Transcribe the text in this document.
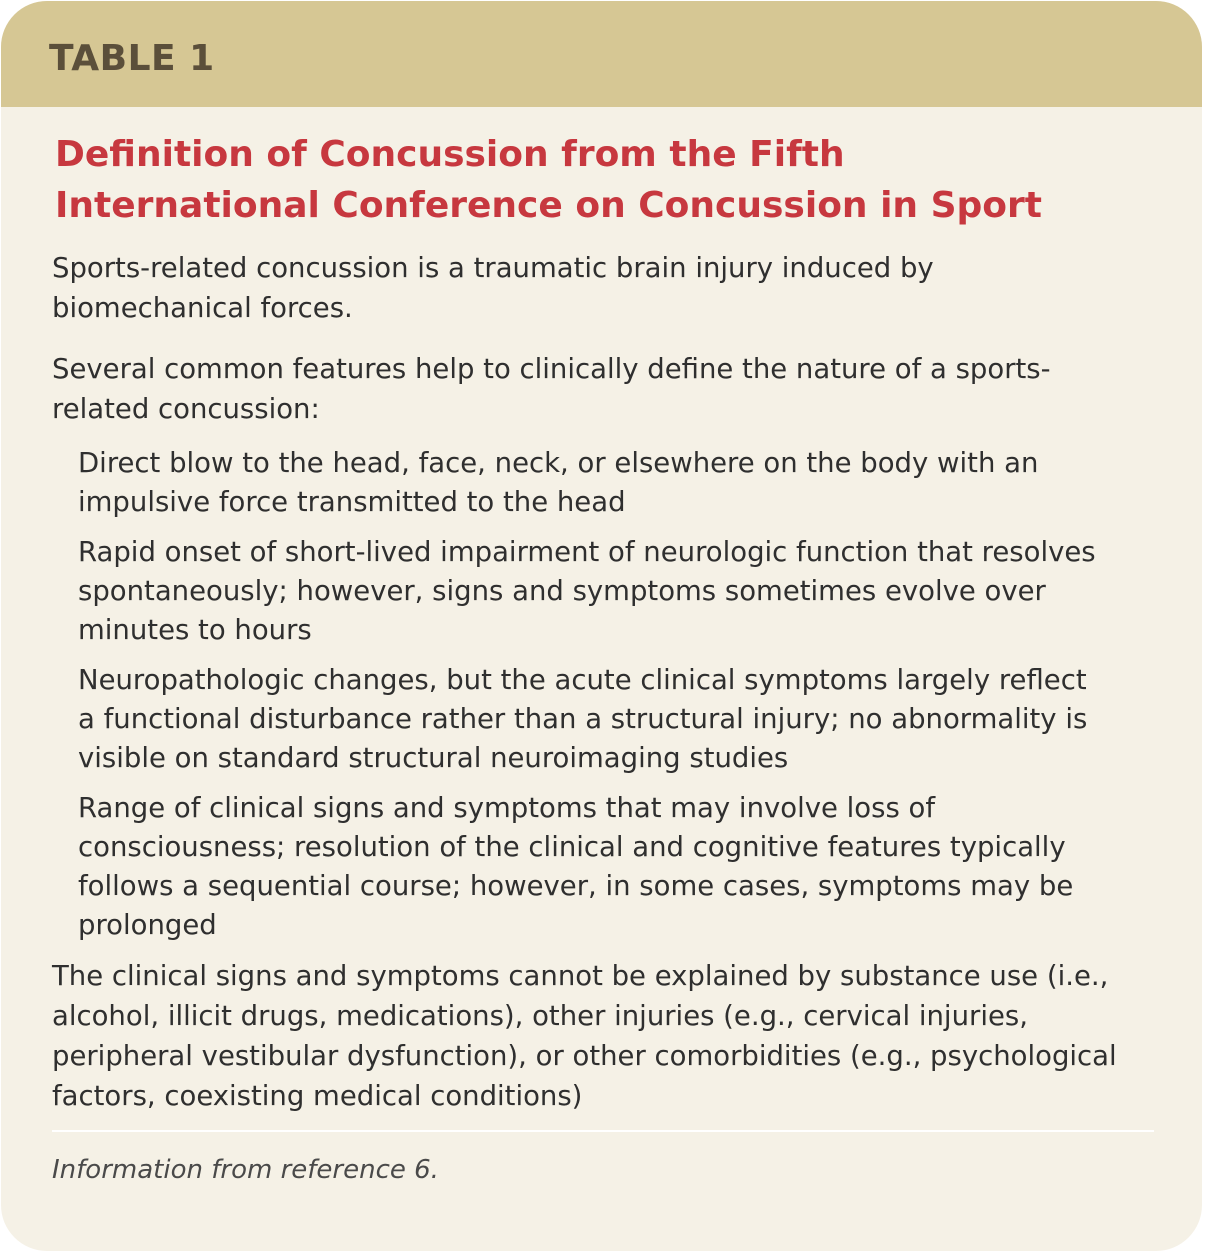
TABLE 1
Definition of Concussion from the Fifth International Conference on Concussion in Sport

Sports-related concussion is a traumatic brain injury induced by biomechanical forces.

Several common features help to clinically define the nature of a sports-related concussion:

Direct blow to the head, face, neck, or elsewhere on the body with an impulsive force transmitted to the head
Rapid onset of short-lived impairment of neurologic function that resolves spontaneously; however, signs and symptoms sometimes evolve over minutes to hours
Neuropathologic changes, but the acute clinical symptoms largely reflect a functional disturbance rather than a structural injury; no abnormality is visible on standard structural neuroimaging studies
Range of clinical signs and symptoms that may involve loss of consciousness; resolution of the clinical and cognitive features typically follows a sequential course; however, in some cases, symptoms may be prolonged

The clinical signs and symptoms cannot be explained by substance use (i.e., alcohol, illicit drugs, medications), other injuries (e.g., cervical injuries, peripheral vestibular dysfunction), or other comorbidities (e.g., psychological factors, coexisting medical conditions)

Information from reference 6.
